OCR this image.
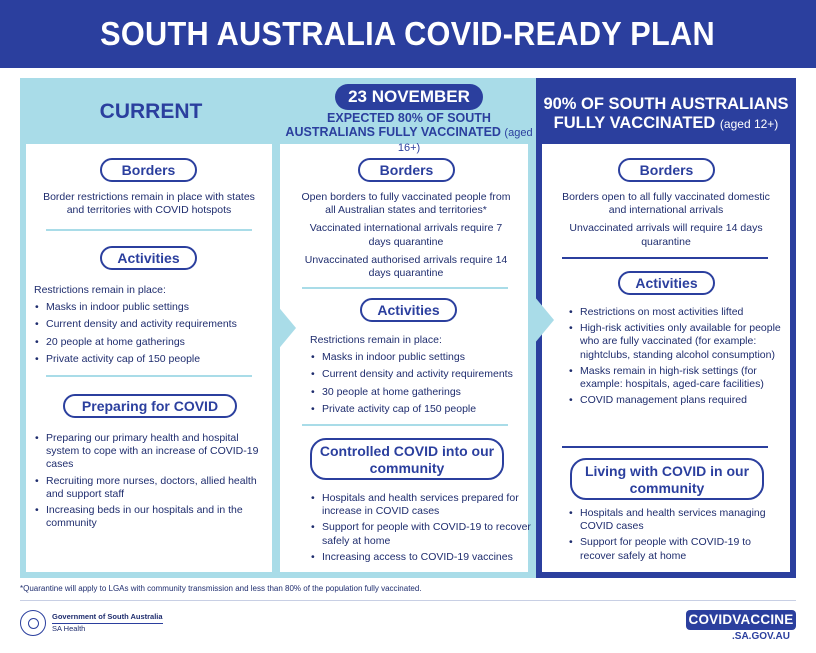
SOUTH AUSTRALIA COVID-READY PLAN
CURRENT
23 NOVEMBER
EXPECTED 80% OF SOUTH AUSTRALIANS FULLY VACCINATED (aged 16+)
90% OF SOUTH AUSTRALIANS FULLY VACCINATED (aged 12+)
Borders
Border restrictions remain in place with states and territories with COVID hotspots
Activities
Restrictions remain in place:
• Masks in indoor public settings
• Current density and activity requirements
• 20 people at home gatherings
• Private activity cap of 150 people
Preparing for COVID
• Preparing our primary health and hospital system to cope with an increase of COVID-19 cases
• Recruiting more nurses, doctors, allied health and support staff
• Increasing beds in our hospitals and in the community
Borders
Open borders to fully vaccinated people from all Australian states and territories*
Vaccinated international arrivals require 7 days quarantine
Unvaccinated authorised arrivals require 14 days quarantine
Activities
Restrictions remain in place:
• Masks in indoor public settings
• Current density and activity requirements
• 30 people at home gatherings
• Private activity cap of 150 people
Controlled COVID into our community
• Hospitals and health services prepared for increase in COVID cases
• Support for people with COVID-19 to recover safely at home
• Increasing access to COVID-19 vaccines
Borders
Borders open to all fully vaccinated domestic and international arrivals
Unvaccinated arrivals will require 14 days quarantine
Activities
• Restrictions on most activities lifted
• High-risk activities only available for people who are fully vaccinated (for example: nightclubs, standing alcohol consumption)
• Masks remain in high-risk settings (for example: hospitals, aged-care facilities)
• COVID management plans required
Living with COVID in our community
• Hospitals and health services managing COVID cases
• Support for people with COVID-19 to recover safely at home
*Quarantine will apply to LGAs with community transmission and less than 80% of the population fully vaccinated.
Government of South Australia
SA Health
COVIDVACCINE
.SA.GOV.AU
